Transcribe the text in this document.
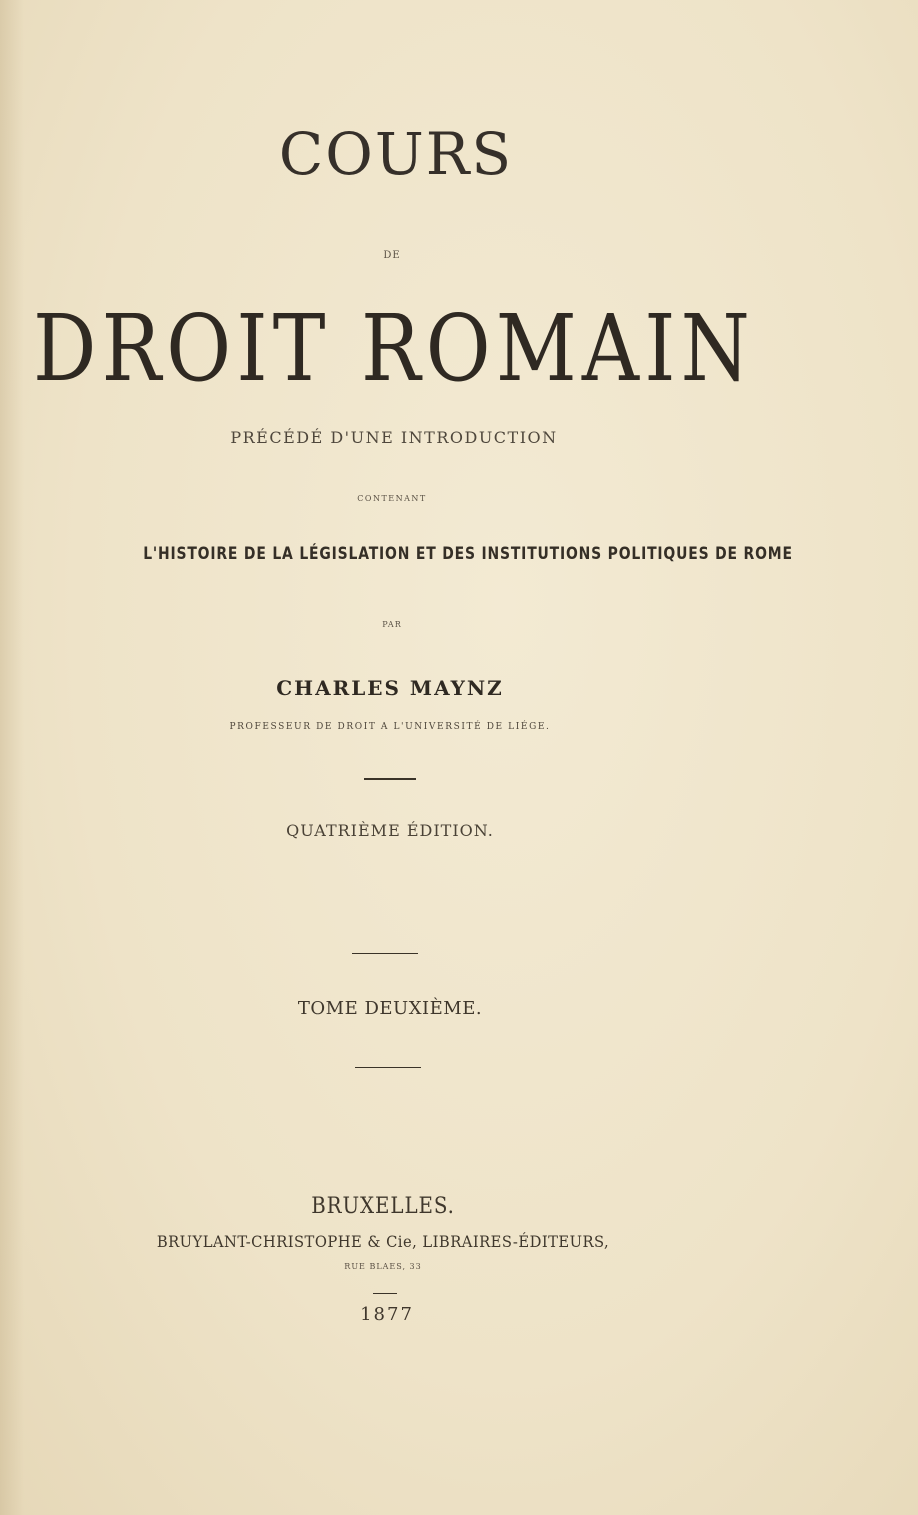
COURS
DE
DROIT ROMAIN
PRÉCÉDÉ D'UNE INTRODUCTION
CONTENANT
L'HISTOIRE DE LA LÉGISLATION ET DES INSTITUTIONS POLITIQUES DE ROME
PAR
CHARLES MAYNZ
PROFESSEUR DE DROIT A L'UNIVERSITÉ DE LIÉGE.
QUATRIÈME ÉDITION.
TOME DEUXIÈME.
BRUXELLES.
BRUYLANT-CHRISTOPHE & Cie, LIBRAIRES-ÉDITEURS,
RUE BLAES, 33
1877
